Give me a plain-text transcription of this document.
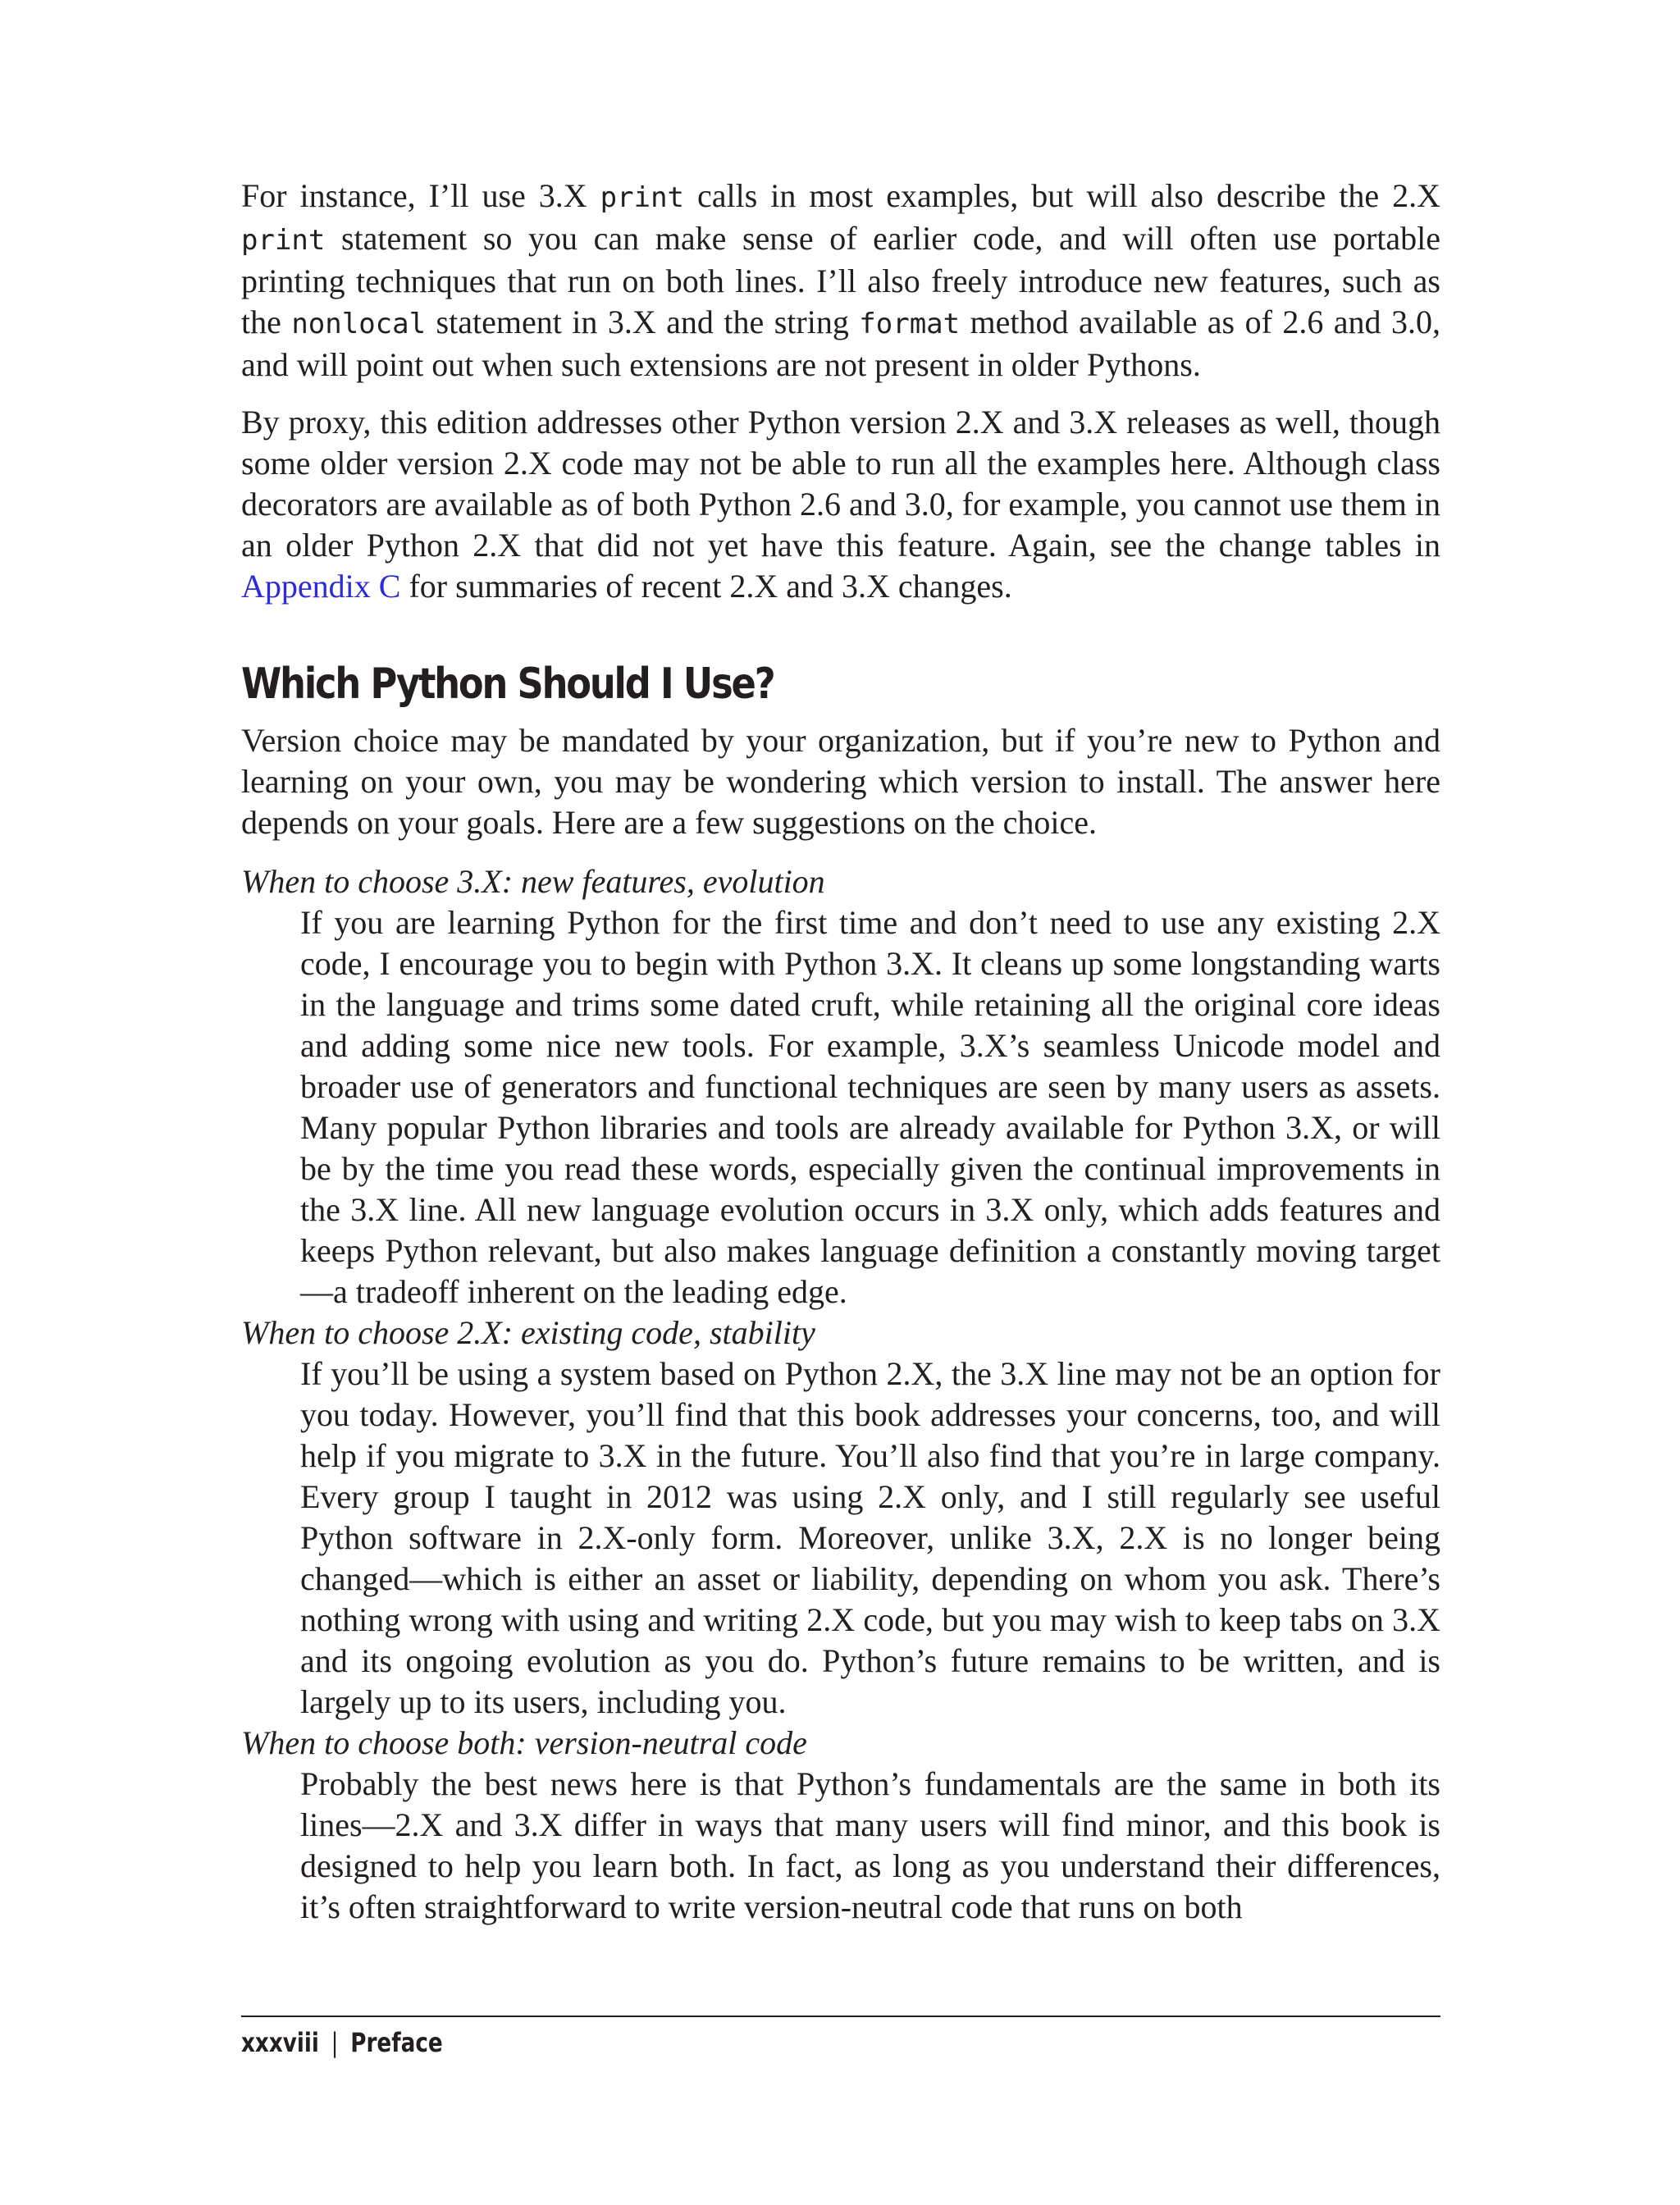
For instance, I’ll use 3.X print calls in most examples, but will also describe the 2.X print statement so you can make sense of earlier code, and will often use portable printing techniques that run on both lines. I’ll also freely introduce new features, such as the nonlocal statement in 3.X and the string format method available as of 2.6 and 3.0, and will point out when such extensions are not present in older Pythons.

By proxy, this edition addresses other Python version 2.X and 3.X releases as well, though some older version 2.X code may not be able to run all the examples here. Although class decorators are available as of both Python 2.6 and 3.0, for example, you cannot use them in an older Python 2.X that did not yet have this feature. Again, see the change tables in Appendix C for summaries of recent 2.X and 3.X changes.

Which Python Should I Use?

Version choice may be mandated by your organization, but if you’re new to Python and learning on your own, you may be wondering which version to install. The answer here depends on your goals. Here are a few suggestions on the choice.

When to choose 3.X: new features, evolution
If you are learning Python for the first time and don’t need to use any existing 2.X code, I encourage you to begin with Python 3.X. It cleans up some longstanding warts in the language and trims some dated cruft, while retaining all the original core ideas and adding some nice new tools. For example, 3.X’s seamless Unicode model and broader use of generators and functional techniques are seen by many users as assets. Many popular Python libraries and tools are already available for Python 3.X, or will be by the time you read these words, especially given the continual improvements in the 3.X line. All new language evolution occurs in 3.X only, which adds features and keeps Python relevant, but also makes language definition a constantly moving target—a tradeoff inherent on the leading edge.
When to choose 2.X: existing code, stability
If you’ll be using a system based on Python 2.X, the 3.X line may not be an option for you today. However, you’ll find that this book addresses your concerns, too, and will help if you migrate to 3.X in the future. You’ll also find that you’re in large company. Every group I taught in 2012 was using 2.X only, and I still regularly see useful Python software in 2.X-only form. Moreover, unlike 3.X, 2.X is no longer being changed—which is either an asset or liability, depending on whom you ask. There’s nothing wrong with using and writing 2.X code, but you may wish to keep tabs on 3.X and its ongoing evolution as you do. Python’s future remains to be written, and is largely up to its users, including you.
When to choose both: version-neutral code
Probably the best news here is that Python’s fundamentals are the same in both its lines—2.X and 3.X differ in ways that many users will find minor, and this book is designed to help you learn both. In fact, as long as you understand their differences, it’s often straightforward to write version-neutral code that runs on both
xxxviii | Preface
